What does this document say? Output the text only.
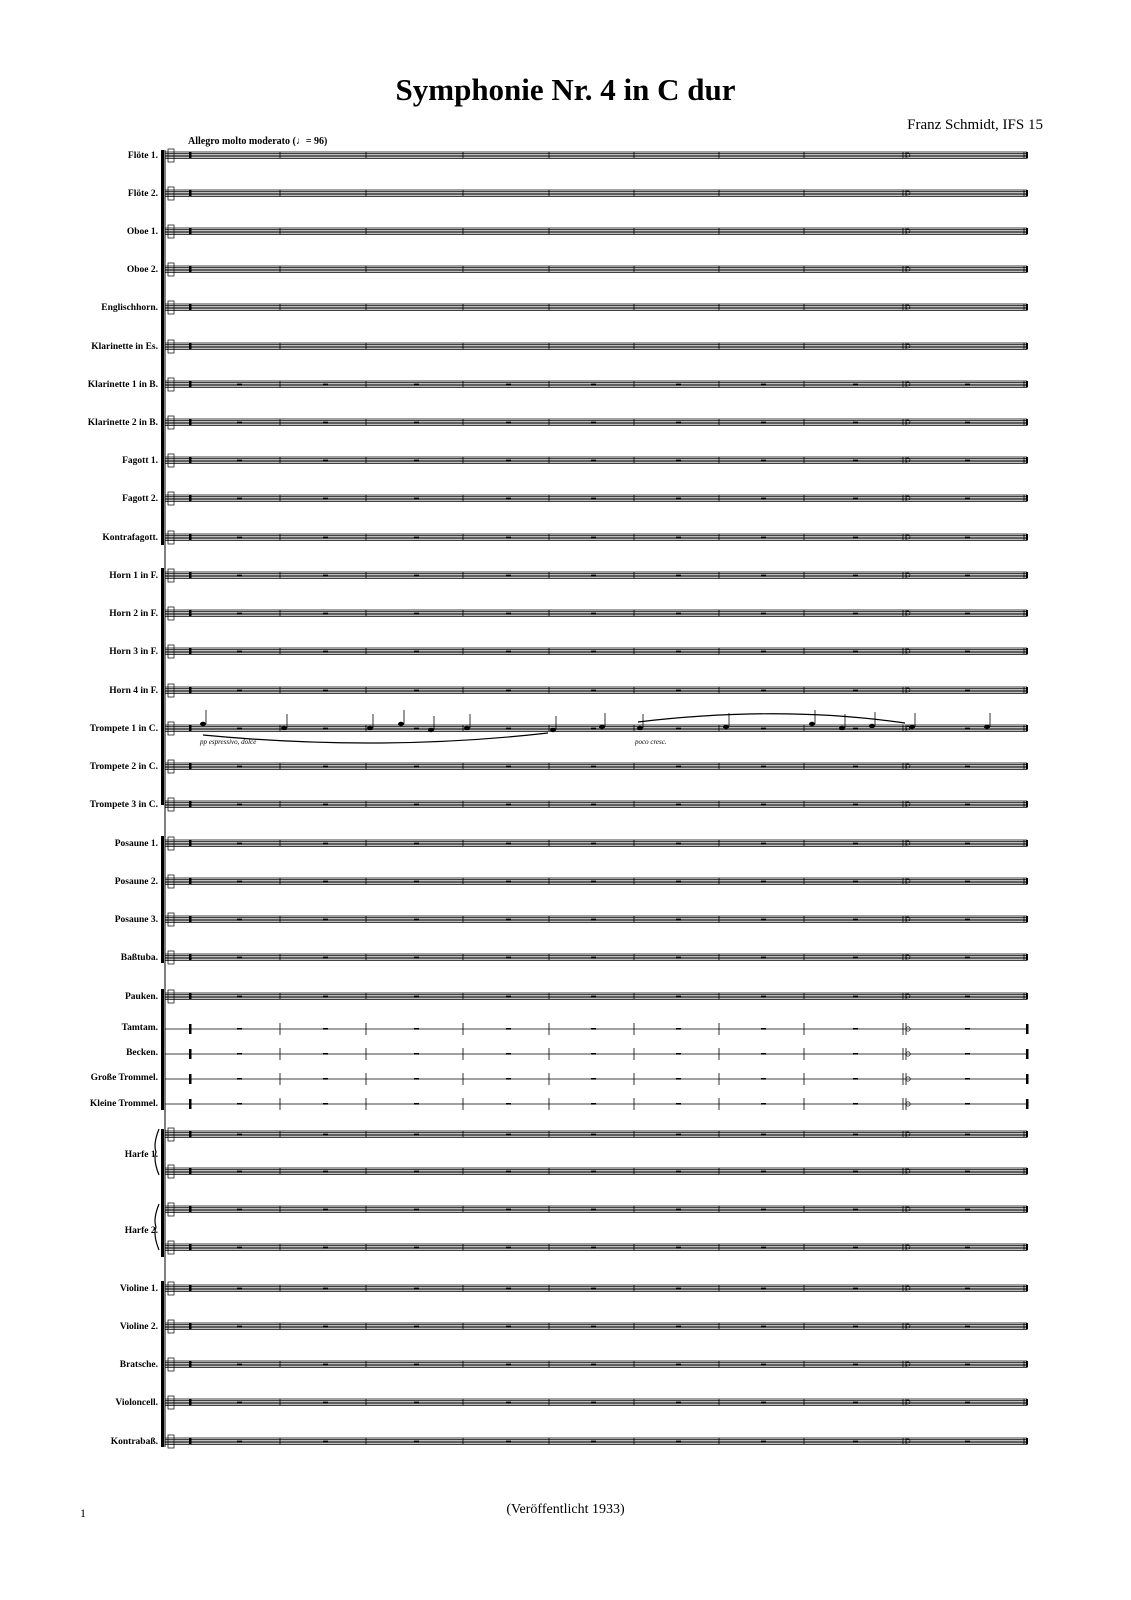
Symphonie Nr. 4 in C dur
Franz Schmidt, IFS 15
Allegro molto moderato (♩= 96)
Flöte 1.
Flöte 2.
Oboe 1.
Oboe 2.
Englischhorn.
Klarinette in Es.
Klarinette 1 in B.
Klarinette 2 in B.
Fagott 1.
Fagott 2.
Kontrafagott.
Horn 1 in F.
Horn 2 in F.
Horn 3 in F.
Horn 4 in F.
Trompete 1 in C.
Trompete 2 in C.
Trompete 3 in C.
Posaune 1.
Posaune 2.
Posaune 3.
Baßtuba.
Pauken.
Tamtam.
Becken.
Große Trommel.
Kleine Trommel.
Harfe 1.
Harfe 2.
Violine 1.
Violine 2.
Bratsche.
Violoncell.
Kontrabaß.
pp espressivo, dolce	poco cresc.
(Veröffentlicht 1933)
1
